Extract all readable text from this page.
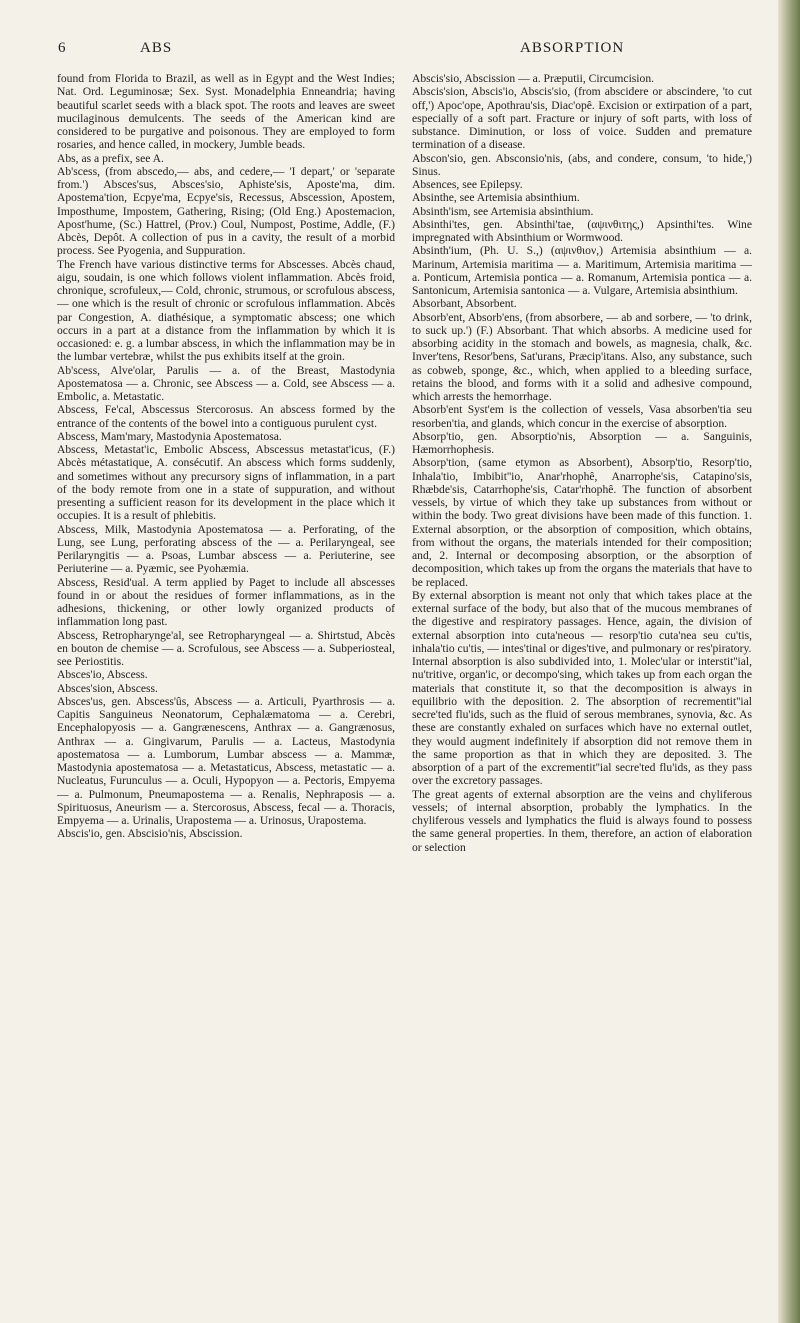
6	ABS	ABSORPTION

found from Florida to Brazil, as well as in Egypt and the West Indies; Nat. Ord. Leguminosæ; Sex. Syst. Monadelphia Enneandria; having beautiful scarlet seeds with a black spot. The roots and leaves are sweet mucilaginous demulcents. The seeds of the American kind are considered to be purgative and poisonous. They are employed to form rosaries, and hence called, in mockery, Jumble beads.

Abs, as a prefix, see A.

Ab'scess, (from abscedo,— abs, and cedere,— 'I depart,' or 'separate from.') Absces'sus, Absces'sio, Aphiste'sis, Aposte'ma, dim. Apostema'tion, Ecpye'ma, Ecpye'sis, Recessus, Abscession, Apostem, Imposthume, Impostem, Gathering, Rising; (Old Eng.) Apostemacion, Apost'hume, (Sc.) Hattrel, (Prov.) Coul, Numpost, Postime, Addle, (F.) Abcès, Depôt. A collection of pus in a cavity, the result of a morbid process. See Pyogenia, and Suppuration.

The French have various distinctive terms for Abscesses. Abcès chaud, aigu, soudain, is one which follows violent inflammation. Abcès froid, chronique, scrofuleux,— Cold, chronic, strumous, or scrofulous abscess, — one which is the result of chronic or scrofulous inflammation. Abcès par Congestion, A. diathésique, a symptomatic abscess; one which occurs in a part at a distance from the inflammation by which it is occasioned: e. g. a lumbar abscess, in which the inflammation may be in the lumbar vertebræ, whilst the pus exhibits itself at the groin.

Ab'scess, Alve'olar, Parulis — a. of the Breast, Mastodynia Apostematosa — a. Chronic, see Abscess — a. Cold, see Abscess — a. Embolic, a. Metastatic.

Abscess, Fe'cal, Abscessus Stercorosus. An abscess formed by the entrance of the contents of the bowel into a contiguous purulent cyst.

Abscess, Mam'mary, Mastodynia Apostematosa.

Abscess, Metastat'ic, Embolic Abscess, Abscessus metastat'icus, (F.) Abcès métastatique, A. consécutif. An abscess which forms suddenly, and sometimes without any precursory signs of inflammation, in a part of the body remote from one in a state of suppuration, and without presenting a sufficient reason for its development in the place which it occupies. It is a result of phlebitis.

Abscess, Milk, Mastodynia Apostematosa — a. Perforating, of the Lung, see Lung, perforating abscess of the — a. Perilaryngeal, see Perilaryngitis — a. Psoas, Lumbar abscess — a. Periuterine, see Periuterine — a. Pyæmic, see Pyohæmia.

Abscess, Resid'ual. A term applied by Paget to include all abscesses found in or about the residues of former inflammations, as in the adhesions, thickening, or other lowly organized products of inflammation long past.

Abscess, Retropharynge'al, see Retropharyngeal — a. Shirtstud, Abcès en bouton de chemise — a. Scrofulous, see Abscess — a. Subperiosteal, see Periostitis.

Absces'io, Abscess.

Absces'sion, Abscess.

Absces'us, gen. Abscess'ûs, Abscess — a. Articuli, Pyarthrosis — a. Capitis Sanguineus Neonatorum, Cephalæmatoma — a. Cerebri, Encephalopyosis — a. Gangrænescens, Anthrax — a. Gangrænosus, Anthrax — a. Gingivarum, Parulis — a. Lacteus, Mastodynia apostematosa — a. Lumborum, Lumbar abscess — a. Mammæ, Mastodynia apostematosa — a. Metastaticus, Abscess, metastatic — a. Nucleatus, Furunculus — a. Oculi, Hypopyon — a. Pectoris, Empyema — a. Pulmonum, Pneumapostema — a. Renalis, Nephraposis — a. Spirituosus, Aneurism — a. Stercorosus, Abscess, fecal — a. Thoracis, Empyema — a. Urinalis, Urapostema — a. Urinosus, Urapostema.

Abscis'io, gen. Abscisio'nis, Abscission.

Abscis'sio, Abscission — a. Præputii, Circumcision.

Abscis'sion, Abscis'io, Abscis'sio, (from abscidere or abscindere, 'to cut off,') Apoc'ope, Apothrau'sis, Diac'opê. Excision or extirpation of a part, especially of a soft part. Fracture or injury of soft parts, with loss of substance. Diminution, or loss of voice. Sudden and premature termination of a disease.

Abscon'sio, gen. Absconsio'nis, (abs, and condere, consum, 'to hide,') Sinus.

Absences, see Epilepsy.

Absinthe, see Artemisia absinthium.

Absinth'ism, see Artemisia absinthium.

Absinthi'tes, gen. Absinthi'tae, (αψινθιτης,) Apsinthi'tes. Wine impregnated with Absinthium or Wormwood.

Absinth'ium, (Ph. U. S.,) (αψινθιον,) Artemisia absinthium — a. Marinum, Artemisia maritima — a. Maritimum, Artemisia maritima — a. Ponticum, Artemisia pontica — a. Romanum, Artemisia pontica — a. Santonicum, Artemisia santonica — a. Vulgare, Artemisia absinthium.

Absorbant, Absorbent.

Absorb'ent, Absorb'ens, (from absorbere, — ab and sorbere, — 'to drink, to suck up.') (F.) Absorbant. That which absorbs. A medicine used for absorbing acidity in the stomach and bowels, as magnesia, chalk, &c. Inver'tens, Resor'bens, Sat'urans, Præcip'itans. Also, any substance, such as cobweb, sponge, &c., which, when applied to a bleeding surface, retains the blood, and forms with it a solid and adhesive compound, which arrests the hemorrhage.

Absorb'ent Syst'em is the collection of vessels, Vasa absorben'tia seu resorben'tia, and glands, which concur in the exercise of absorption.

Absorp'tio, gen. Absorptio'nis, Absorption — a. Sanguinis, Hæmorrhophesis.

Absorp'tion, (same etymon as Absorbent), Absorp'tio, Resorp'tio, Inhala'tio, Imbibit''io, Anar'rhophê, Anarrophe'sis, Catapino'sis, Rhæbde'sis, Catarrhophe'sis, Catar'rhophê. The function of absorbent vessels, by virtue of which they take up substances from without or within the body. Two great divisions have been made of this function. 1. External absorption, or the absorption of composition, which obtains, from without the organs, the materials intended for their composition; and, 2. Internal or decomposing absorption, or the absorption of decomposition, which takes up from the organs the materials that have to be replaced.

By external absorption is meant not only that which takes place at the external surface of the body, but also that of the mucous membranes of the digestive and respiratory passages. Hence, again, the division of external absorption into cuta'neous — resorp'tio cuta'nea seu cu'tis, inhala'tio cu'tis, — intes'tinal or diges'tive, and pulmonary or res'piratory.

Internal absorption is also subdivided into, 1. Molec'ular or interstit''ial, nu'tritive, organ'ic, or decompo'sing, which takes up from each organ the materials that constitute it, so that the decomposition is always in equilibrio with the deposition. 2. The absorption of recrementit''ial secre'ted flu'ids, such as the fluid of serous membranes, synovia, &c. As these are constantly exhaled on surfaces which have no external outlet, they would augment indefinitely if absorption did not remove them in the same proportion as that in which they are deposited. 3. The absorption of a part of the excrementit''ial secre'ted flu'ids, as they pass over the excretory passages.

The great agents of external absorption are the veins and chyliferous vessels; of internal absorption, probably the lymphatics. In the chyliferous vessels and lymphatics the fluid is always found to possess the same general properties. In them, therefore, an action of elaboration or selection
